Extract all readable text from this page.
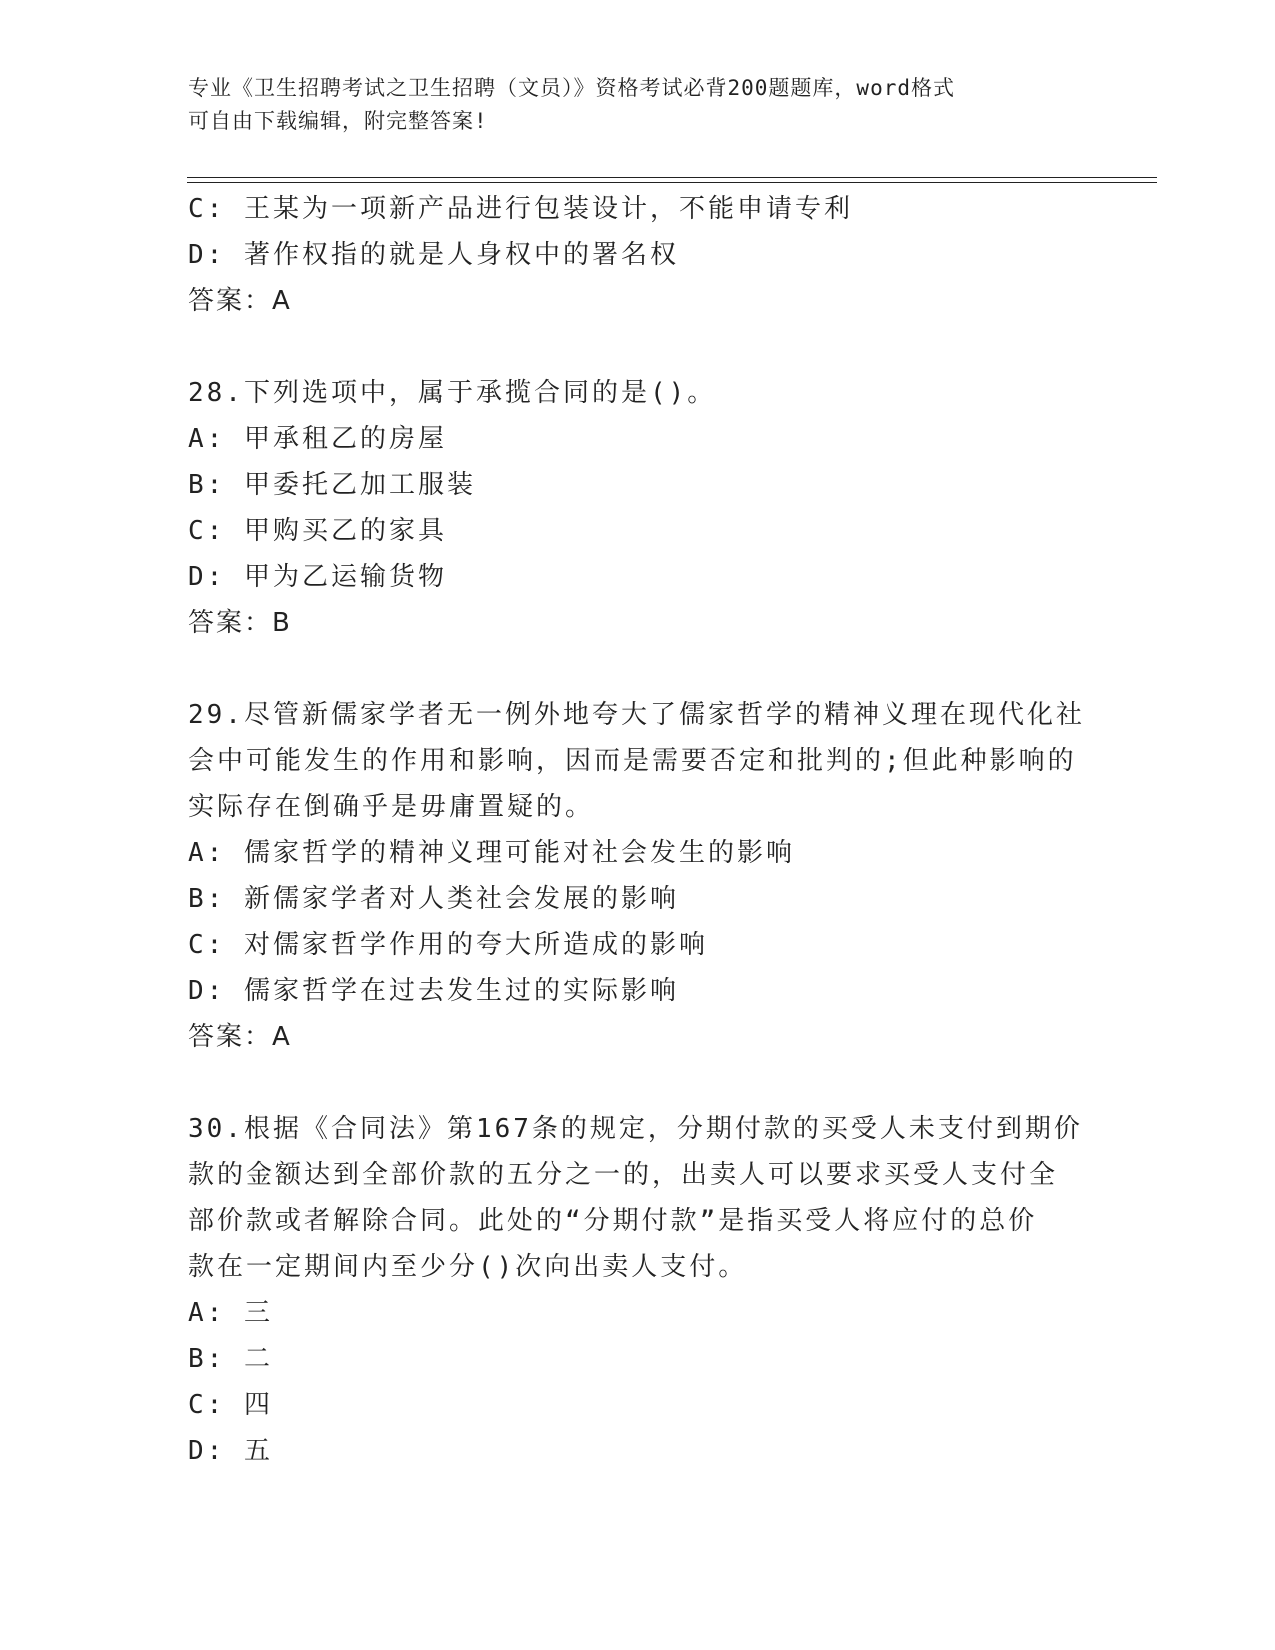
专业《卫生招聘考试之卫生招聘（文员）》资格考试必背200题题库，word格式
可自由下载编辑，附完整答案!
C: 王某为一项新产品进行包装设计，不能申请专利
D: 著作权指的就是人身权中的署名权
答案：A
28.下列选项中，属于承揽合同的是()。
A: 甲承租乙的房屋
B: 甲委托乙加工服装
C: 甲购买乙的家具
D: 甲为乙运输货物
答案：B
29.尽管新儒家学者无一例外地夸大了儒家哲学的精神义理在现代化社
会中可能发生的作用和影响，因而是需要否定和批判的;但此种影响的
实际存在倒确乎是毋庸置疑的。
A: 儒家哲学的精神义理可能对社会发生的影响
B: 新儒家学者对人类社会发展的影响
C: 对儒家哲学作用的夸大所造成的影响
D: 儒家哲学在过去发生过的实际影响
答案：A
30.根据《合同法》第167条的规定，分期付款的买受人未支付到期价
款的金额达到全部价款的五分之一的，出卖人可以要求买受人支付全
部价款或者解除合同。此处的“分期付款”是指买受人将应付的总价
款在一定期间内至少分()次向出卖人支付。
A: 三
B: 二
C: 四
D: 五
